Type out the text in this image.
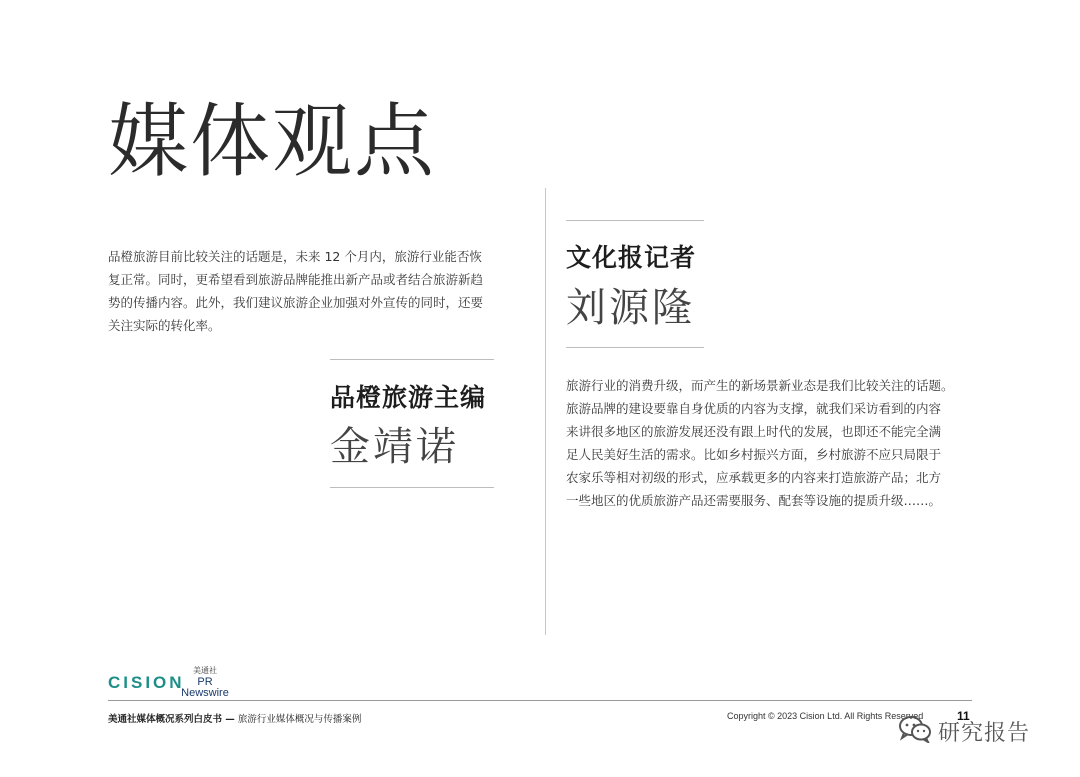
媒体观点
品橙旅游目前比较关注的话题是，未来 12 个月内，旅游行业能否恢
复正常。同时，更希望看到旅游品牌能推出新产品或者结合旅游新趋
势的传播内容。此外，我们建议旅游企业加强对外宣传的同时，还要
关注实际的转化率。
品橙旅游主编
金靖诺
文化报记者
刘源隆
旅游行业的消费升级，而产生的新场景新业态是我们比较关注的话题。
旅游品牌的建设要靠自身优质的内容为支撑，就我们采访看到的内容
来讲很多地区的旅游发展还没有跟上时代的发展，也即还不能完全满
足人民美好生活的需求。比如乡村振兴方面，乡村旅游不应只局限于
农家乐等相对初级的形式，应承载更多的内容来打造旅游产品；北方
一些地区的优质旅游产品还需要服务、配套等设施的提质升级……。
CISION
美通社
PR Newswire
美通社媒体概况系列白皮书 — 旅游行业媒体概况与传播案例	Copyright © 2023 Cision Ltd. All Rights Reserved	11
研究报告
